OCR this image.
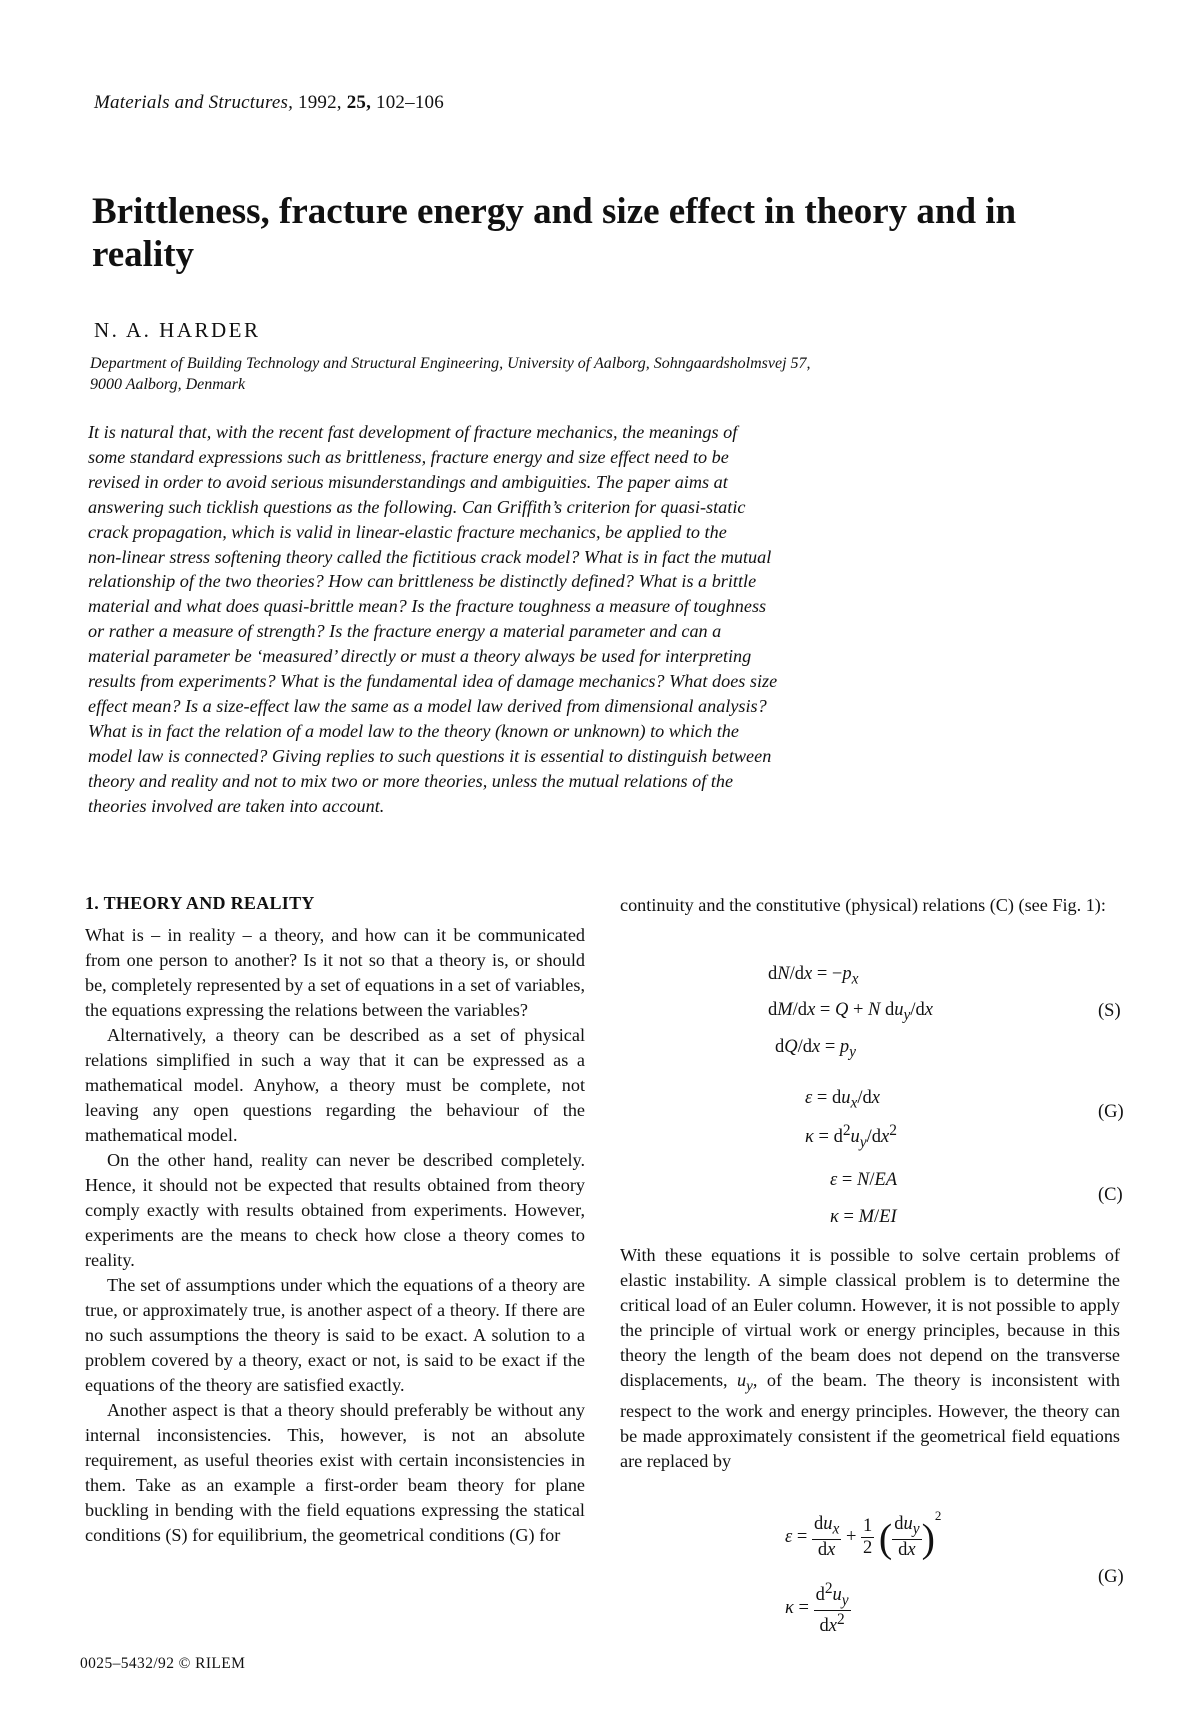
Materials and Structures, 1992, 25, 102–106
Brittleness, fracture energy and size effect in theory and in reality
N. A. HARDER
Department of Building Technology and Structural Engineering, University of Aalborg, Sohngaardsholmsvej 57,
9000 Aalborg, Denmark
It is natural that, with the recent fast development of fracture mechanics, the meanings of
some standard expressions such as brittleness, fracture energy and size effect need to be
revised in order to avoid serious misunderstandings and ambiguities. The paper aims at
answering such ticklish questions as the following. Can Griffith’s criterion for quasi-static
crack propagation, which is valid in linear-elastic fracture mechanics, be applied to the
non-linear stress softening theory called the fictitious crack model? What is in fact the mutual
relationship of the two theories? How can brittleness be distinctly defined? What is a brittle
material and what does quasi-brittle mean? Is the fracture toughness a measure of toughness
or rather a measure of strength? Is the fracture energy a material parameter and can a
material parameter be ‘measured’ directly or must a theory always be used for interpreting
results from experiments? What is the fundamental idea of damage mechanics? What does size
effect mean? Is a size-effect law the same as a model law derived from dimensional analysis?
What is in fact the relation of a model law to the theory (known or unknown) to which the
model law is connected? Giving replies to such questions it is essential to distinguish between
theory and reality and not to mix two or more theories, unless the mutual relations of the
theories involved are taken into account.
1. THEORY AND REALITY

What is – in reality – a theory, and how can it be communicated from one person to another? Is it not so that a theory is, or should be, completely represented by a set of equations in a set of variables, the equations expressing the relations between the variables?

Alternatively, a theory can be described as a set of physical relations simplified in such a way that it can be expressed as a mathematical model. Anyhow, a theory must be complete, not leaving any open questions regarding the behaviour of the mathematical model.

On the other hand, reality can never be described completely. Hence, it should not be expected that results obtained from theory comply exactly with results obtained from experiments. However, experiments are the means to check how close a theory comes to reality.

The set of assumptions under which the equations of a theory are true, or approximately true, is another aspect of a theory. If there are no such assumptions the theory is said to be exact. A solution to a problem covered by a theory, exact or not, is said to be exact if the equations of the theory are satisfied exactly.

Another aspect is that a theory should preferably be without any internal inconsistencies. This, however, is not an absolute requirement, as useful theories exist with certain inconsistencies in them. Take as an example a first-order beam theory for plane buckling in bending with the field equations expressing the statical conditions (S) for equilibrium, the geometrical conditions (G) for

continuity and the constitutive (physical) relations (C) (see Fig. 1):

$dN/dx = -p_x$
dM/dx = Q + N $du_y/dx$
$dQ/dx = p_y$
(S)
$\varepsilon = du_x/dx$
$\kappa = d^2u_y/dx^2$
(G)
ε = N/EA
κ = M/EI
(C)

With these equations it is possible to solve certain problems of elastic instability. A simple classical problem is to determine the critical load of an Euler column. However, it is not possible to apply the principle of virtual work or energy principles, because in this theory the length of the beam does not depend on the transverse displacements, $u_y$, of the beam. The theory is inconsistent with respect to the work and energy principles. However, the theory can be made approximately consistent if the geometrical field equations are replaced by

$\varepsilon = \frac{du_x}{dx} + \frac{1}{2}$ ( $\frac{du_y}{dx} )^2$
$\kappa = \frac{d^2u_y}{dx^2}$
(G)
0025–5432/92 © RILEM
